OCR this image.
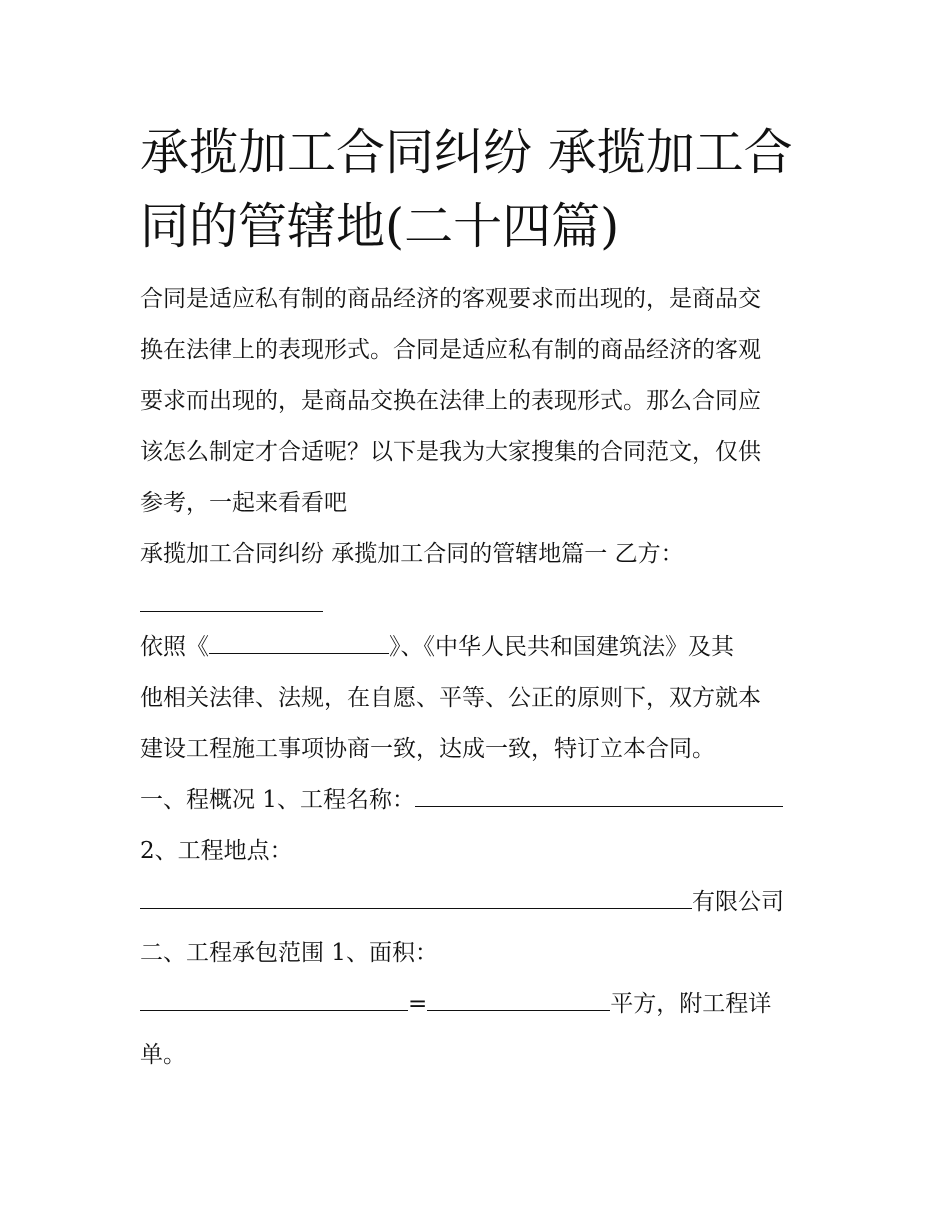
承揽加工合同纠纷 承揽加工合
同的管辖地(二十四篇)

合同是适应私有制的商品经济的客观要求而出现的，是商品交

换在法律上的表现形式。合同是适应私有制的商品经济的客观

要求而出现的，是商品交换在法律上的表现形式。那么合同应

该怎么制定才合适呢？以下是我为大家搜集的合同范文，仅供

参考，一起来看看吧

承揽加工合同纠纷 承揽加工合同的管辖地篇一 乙方：

依照《	》、《中华人民共和国建筑法》及其

他相关法律、法规，在自愿、平等、公正的原则下，双方就本

建设工程施工事项协商一致，达成一致，特订立本合同。

一、程概况 1、工程名称：

2、工程地点：

有限公司

二、工程承包范围 1、面积：

=	平方，附工程详

单。
